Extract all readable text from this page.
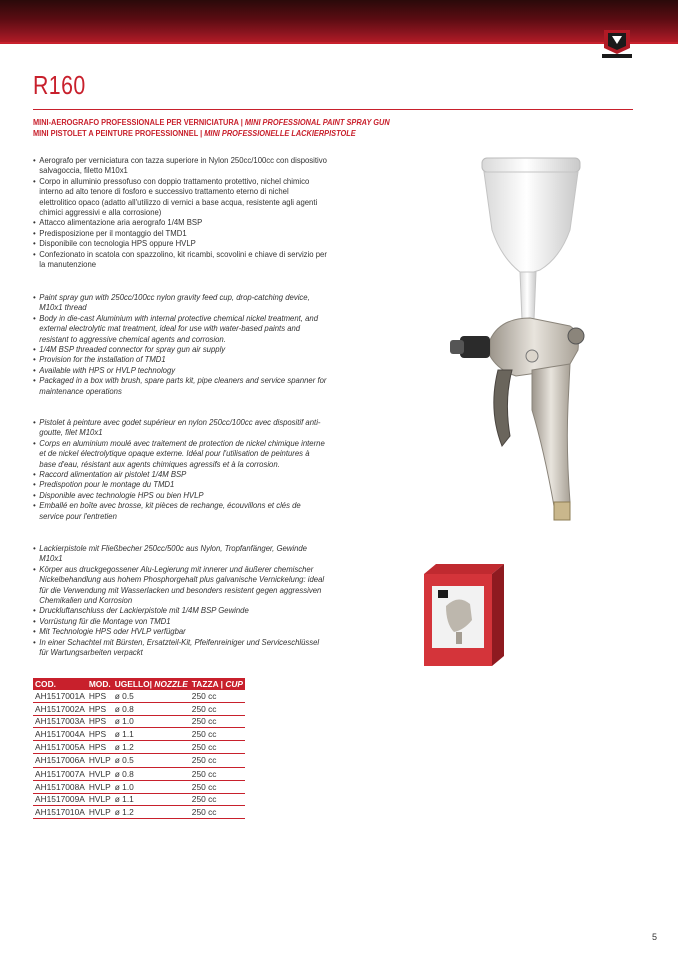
R160
MINI-AEROGRAFO PROFESSIONALE PER VERNICIATURA | MINI PROFESSIONAL PAINT SPRAY GUN
MINI PISTOLET A PEINTURE PROFESSIONNEL | MINI PROFESSIONELLE LACKIERPISTOLE
• Aerografo per verniciatura con tazza superiore in Nylon 250cc/100cc con dispositivo salvagoccia, filetto M10x1
• Corpo in alluminio pressofuso con doppio trattamento protettivo, nichel chimico interno ad alto tenore di fosforo e successivo trattamento eterno di nichel elettrolitico opaco (adatto all'utilizzo di vernici a base acqua, resistente agli agenti chimici aggressivi e alla corrosione)
• Attacco alimentazione aria aerografo 1/4M BSP
• Predisposizione per il montaggio del TMD1
• Disponibile con tecnologia HPS oppure HVLP
• Confezionato in scatola con spazzolino, kit ricambi, scovolini e chiave di servizio per la manutenzione
• Paint spray gun with 250cc/100cc nylon gravity feed cup, drop-catching device, M10x1 thread
• Body in die-cast Aluminium with internal protective chemical nickel treatment, and external electrolytic mat treatment, ideal for use with water-based paints and resistant to aggressive chemical agents and corrosion.
• 1/4M BSP threaded connector for spray gun air supply
• Provision for the installation of TMD1
• Available with HPS or HVLP technology
• Packaged in a box with brush, spare parts kit, pipe cleaners and service spanner for maintenance operations
• Pistolet à peinture avec godet supérieur en nylon 250cc/100cc avec dispositif anti-goutte, filet M10x1
• Corps en aluminium moulé avec traitement de protection de nickel chimique interne et de nickel électrolytique opaque externe. Idéal pour l'utilisation de peintures à base d'eau, résistant aux agents chimiques agressifs et à la corrosion.
• Raccord alimentation air pistolet 1/4M BSP
• Predispotion pour le montage du TMD1
• Disponible avec technologie HPS ou bien HVLP
• Emballé en boîte avec brosse, kit pièces de rechange, écouvillons et clés de service pour l'entretien
• Lackierpistole mit Fließbecher 250cc/500c aus Nylon, Tropfanfänger, Gewinde M10x1
• Körper aus druckgegossener Alu-Legierung mit innerer und äußerer chemischer Nickelbehandlung aus hohem Phosphorgehalt plus galvanische Vernickelung: ideal für die Verwendung mit Wasserlacken und besonders resistent gegen aggressiven Chemikalien und Korrosion
• Druckluftanschluss der Lackierpistole mit 1/4M BSP Gewinde
• Vorrüstung für die Montage von TMD1
• Mit Technologie HPS oder HVLP verfügbar
• In einer Schachtel mit Bürsten, Ersatzteil-Kit, Pfeifenreiniger und Serviceschlüssel für Wartungsarbeiten verpackt
COD.	MOD.	UGELLO| NOZZLE	TAZZA | CUP
AH1517001A	HPS	ø 0.5	250 cc
AH1517002A	HPS	ø 0.8	250 cc
AH1517003A	HPS	ø 1.0	250 cc
AH1517004A	HPS	ø 1.1	250 cc
AH1517005A	HPS	ø 1.2	250 cc
AH1517006A	HVLP	ø 0.5	250 cc
AH1517007A	HVLP	ø 0.8	250 cc
AH1517008A	HVLP	ø 1.0	250 cc
AH1517009A	HVLP	ø 1.1	250 cc
AH1517010A	HVLP	ø 1.2	250 cc
5
